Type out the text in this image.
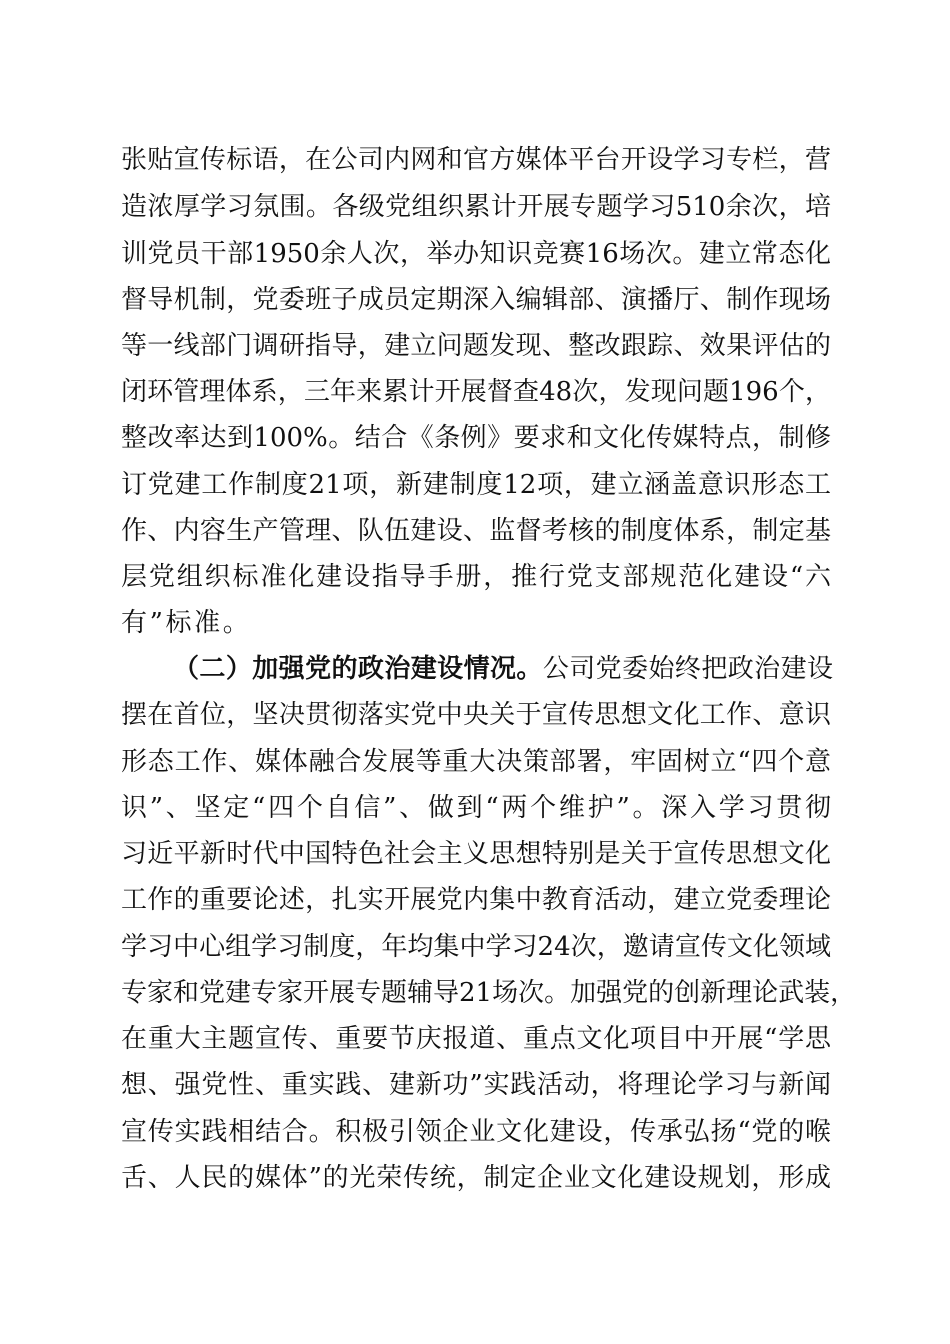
张贴宣传标语，在公司内网和官方媒体平台开设学习专栏，营
造浓厚学习氛围。各级党组织累计开展专题学习510余次，培
训党员干部1950余人次，举办知识竞赛16场次。建立常态化
督导机制，党委班子成员定期深入编辑部、演播厅、制作现场
等一线部门调研指导，建立问题发现、整改跟踪、效果评估的
闭环管理体系，三年来累计开展督查48次，发现问题196个，
整改率达到100%。结合《条例》要求和文化传媒特点，制修
订党建工作制度21项，新建制度12项，建立涵盖意识形态工
作、内容生产管理、队伍建设、监督考核的制度体系，制定基
层党组织标准化建设指导手册，推行党支部规范化建设“六
有”标准。
（二）加强党的政治建设情况。公司党委始终把政治建设
摆在首位，坚决贯彻落实党中央关于宣传思想文化工作、意识
形态工作、媒体融合发展等重大决策部署，牢固树立“四个意
识”、坚定“四个自信”、做到“两个维护”。深入学习贯彻
习近平新时代中国特色社会主义思想特别是关于宣传思想文化
工作的重要论述，扎实开展党内集中教育活动，建立党委理论
学习中心组学习制度，年均集中学习24次，邀请宣传文化领域
专家和党建专家开展专题辅导21场次。加强党的创新理论武装，
在重大主题宣传、重要节庆报道、重点文化项目中开展“学思
想、强党性、重实践、建新功”实践活动，将理论学习与新闻
宣传实践相结合。积极引领企业文化建设，传承弘扬“党的喉
舌、人民的媒体”的光荣传统，制定企业文化建设规划，形成
